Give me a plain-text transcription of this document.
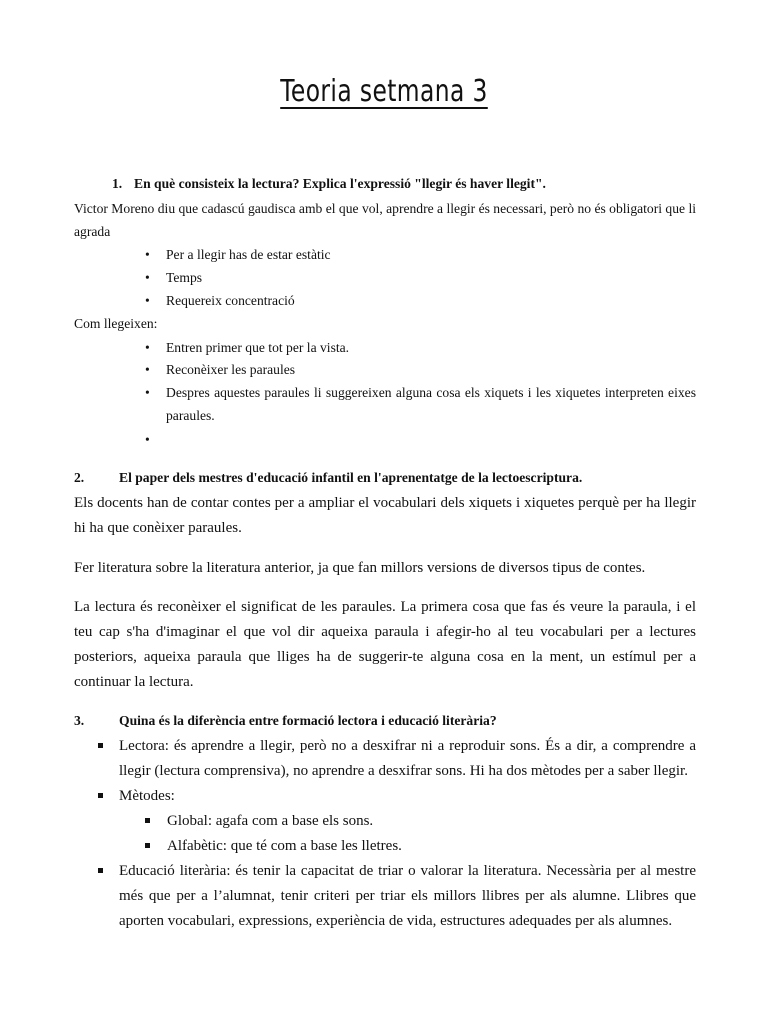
Teoria setmana 3
1. En què consisteix la lectura? Explica l'expressió "llegir és haver llegit".
Victor Moreno diu que cadascú gaudisca amb el que vol, aprendre a llegir és necessari, però no és obligatori que li agrada
• Per a llegir has de estar estàtic
• Temps
• Requereix concentració
Com llegeixen:
• Entren primer que tot per la vista.
• Reconèixer les paraules
• Despres aquestes paraules li suggereixen alguna cosa els xiquets i les xiquetes interpreten eixes paraules.
•
2.	El paper dels mestres d'educació infantil en l'aprenentatge de la lectoescriptura.
Els docents han de contar contes per a ampliar el vocabulari dels xiquets i xiquetes perquè per ha llegir hi ha que conèixer paraules.
Fer literatura sobre la literatura anterior, ja que fan millors versions de diversos tipus de contes.
La lectura és reconèixer el significat de les paraules. La primera cosa que fas és veure la paraula, i el teu cap s'ha d'imaginar el que vol dir aqueixa paraula i afegir-ho al teu vocabulari per a lectures posteriors, aqueixa paraula que lliges ha de suggerir-te alguna cosa en la ment, un estímul per a continuar la lectura.
3.	Quina és la diferència entre formació lectora i educació literària?
Lectora: és aprendre a llegir, però no a desxifrar ni a reproduir sons. És a dir, a comprendre a llegir (lectura comprensiva), no aprendre a desxifrar sons. Hi ha dos mètodes per a saber llegir.
Mètodes:
Global: agafa com a base els sons.
Alfabètic: que té com a base les lletres.
Educació literària: és tenir la capacitat de triar o valorar la literatura. Necessària per al mestre més que per a l’alumnat, tenir criteri per triar els millors llibres per als alumne. Llibres que aporten vocabulari, expressions, experiència de vida, estructures adequades per als alumnes.
